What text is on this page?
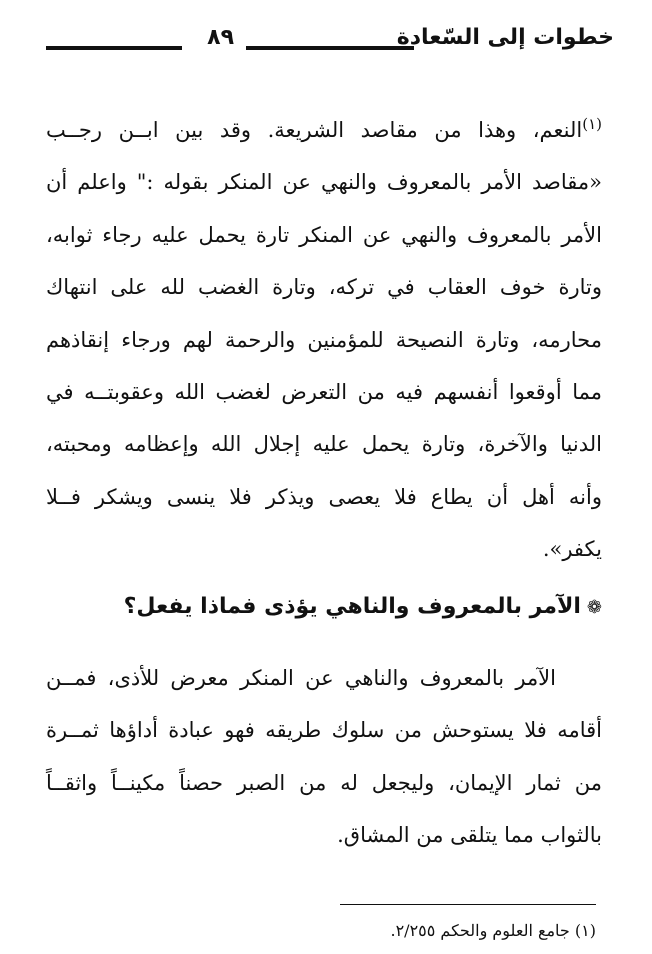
خطوات إلى السّعادة
٨٩
$^{(١)}$النعم، وهذا من مقاصد الشريعة. وقد بين ابــن رجــب
«مقاصد الأمر بالمعروف والنهي عن المنكر بقوله :" واعلم أن
الأمر بالمعروف والنهي عن المنكر تارة يحمل عليه رجاء ثوابه،
وتارة خوف العقاب في تركه، وتارة الغضب لله على انتهاك
محارمه، وتارة النصيحة للمؤمنين والرحمة لهم ورجاء إنقاذهم
مما أوقعوا أنفسهم فيه من التعرض لغضب الله وعقوبتــه في
الدنيا والآخرة، وتارة يحمل عليه إجلال الله وإعظامه ومحبته،
وأنه أهل أن يطاع فلا يعصى ويذكر فلا ينسى ويشكر فــلا
يكفر».
❁الآمر بالمعروف والناهي يؤذى فماذا يفعل؟
الآمر بالمعروف والناهي عن المنكر معرض للأذى، فمــن
أقامه فلا يستوحش من سلوك طريقه فهو عبادة أداؤها ثمــرة
من ثمار الإيمان، وليجعل له من الصبر حصناً مكينــاً واثقــاً
بالثواب مما يتلقى من المشاق.
(١) جامع العلوم والحكم ٢/٢٥٥.
